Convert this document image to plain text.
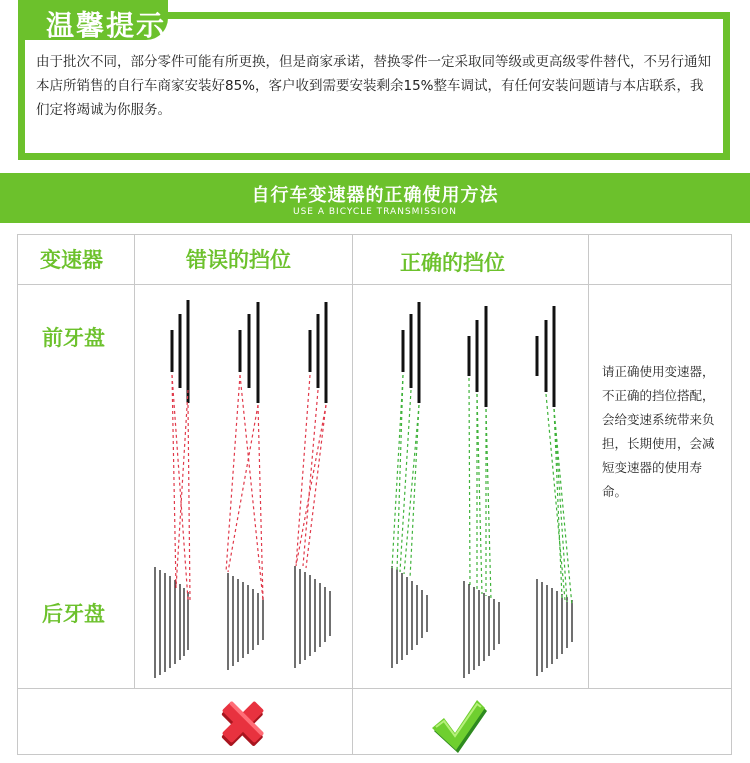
温馨提示

由于批次不同，部分零件可能有所更换，但是商家承诺，替换零件一定采取同等级或更高级零件替代，不另行通知

本店所销售的自行车商家安装好85%，客户收到需要安装剩余15%整车调试，有任何安装问题请与本店联系，我们定将竭诚为你服务。

自行车变速器的正确使用方法
USE A BICYCLE TRANSMISSION
变速器	错误的挡位	正确的挡位
前牙盘
后牙盘
请正确使用变速器，不正确的挡位搭配，会给变速系统带来负担，长期使用，会减短变速器的使用寿命。
